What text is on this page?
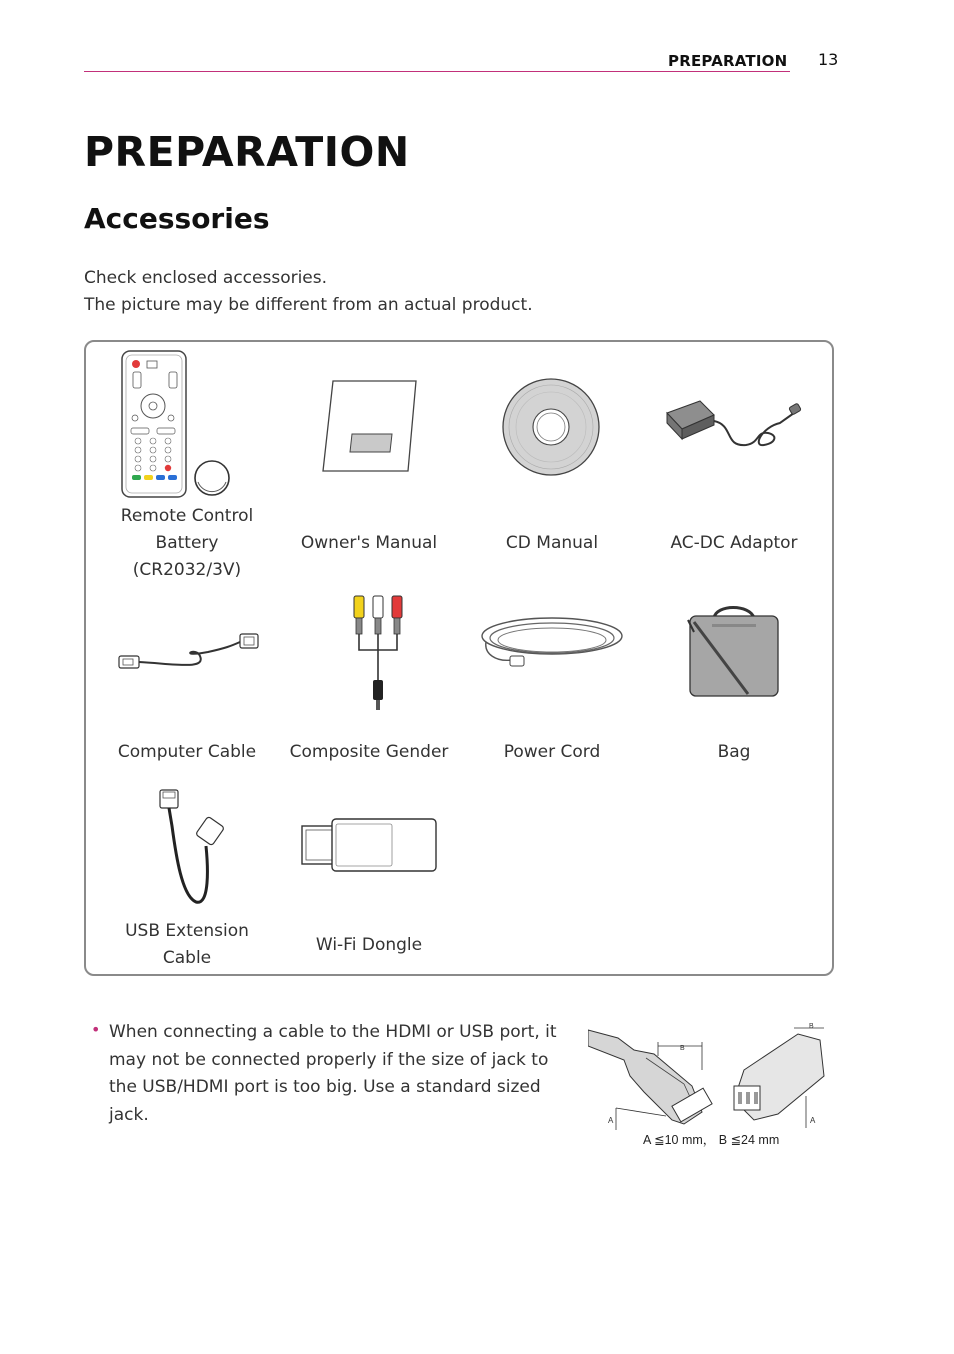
PREPARATION 13
PREPARATION
Accessories
Check enclosed accessories.
The picture may be different from an actual product.
Remote Control
Battery
(CR2032/3V)
Owner's Manual	CD Manual	AC-DC Adaptor
Computer Cable	Composite Gender	Power Cord	Bag
USB Extension
Cable
Wi-Fi Dongle
• When connecting a cable to the HDMI or USB port, it may not be connected properly if the size of jack to the USB/HDMI port is too big. Use a standard sized jack.
B
B
A	A
A ≦10 mm， B ≦24 mm
